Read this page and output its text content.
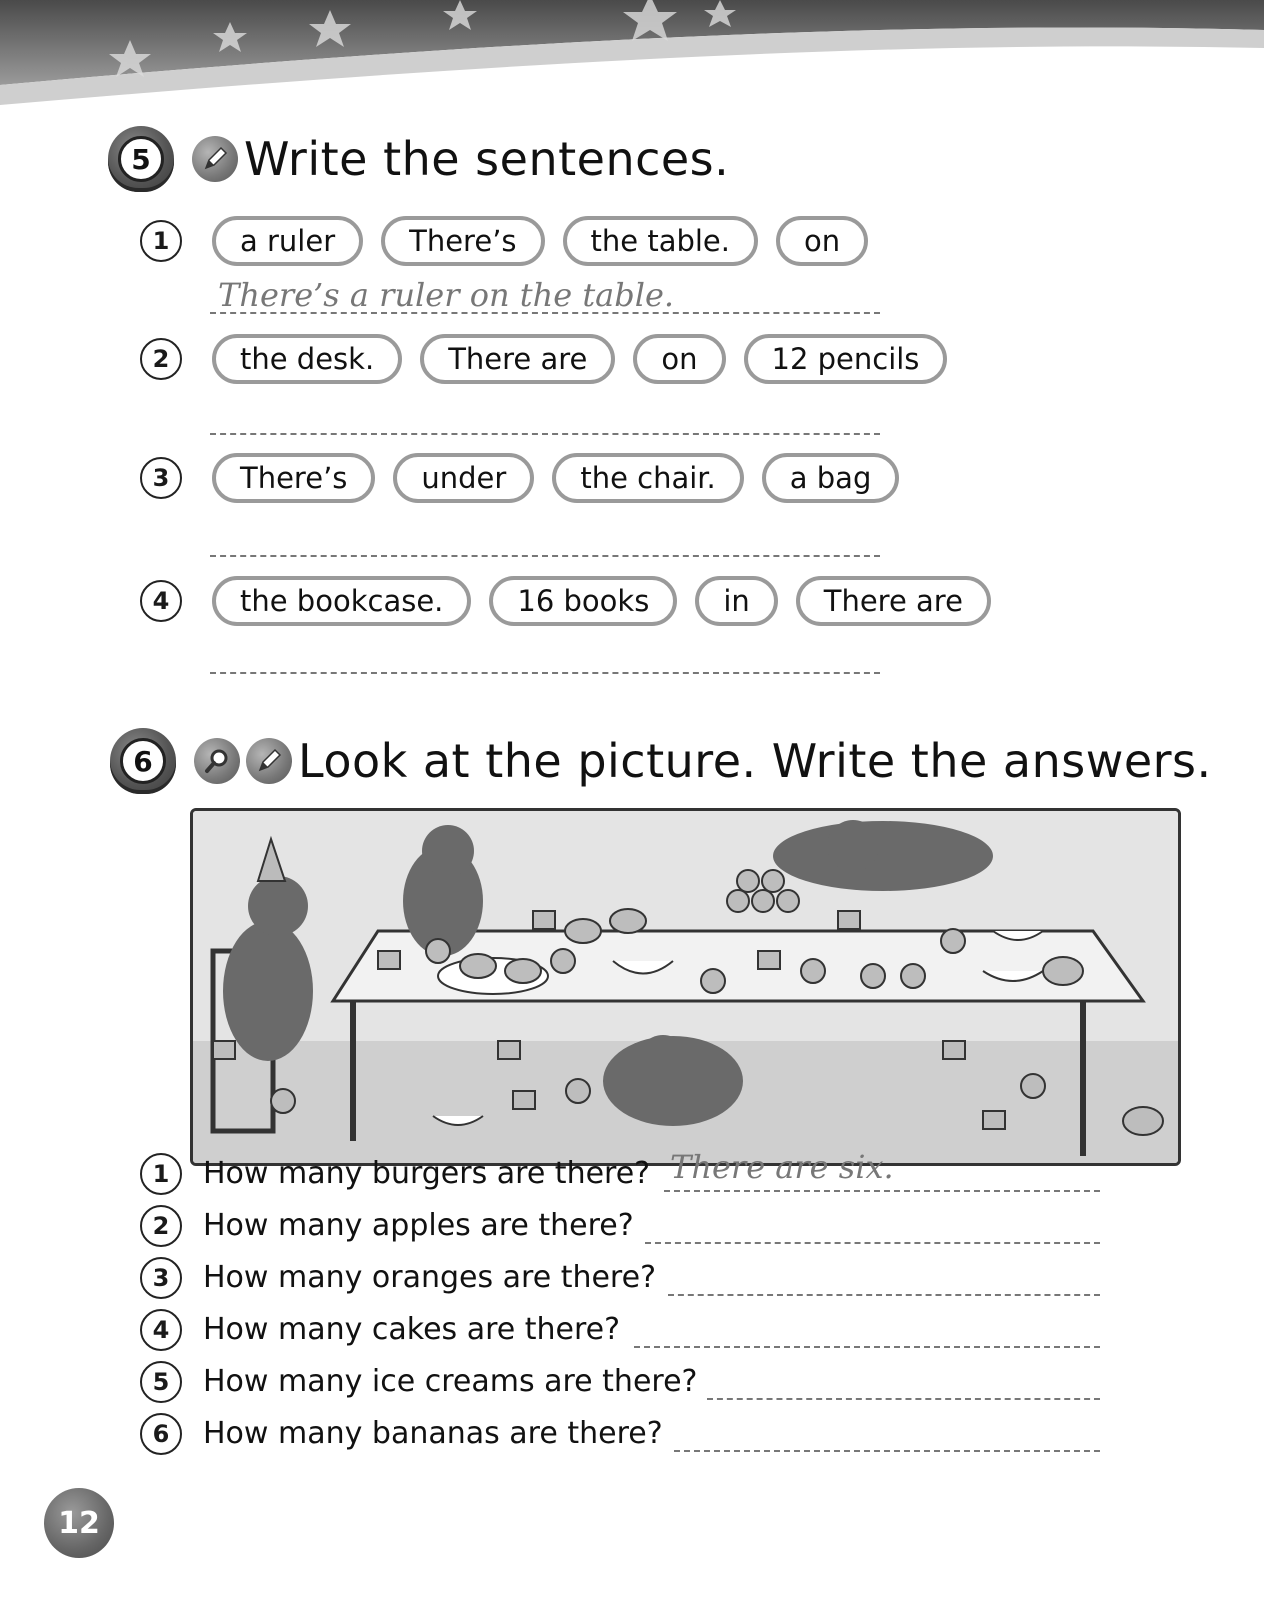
5 Write the sentences.
1	a ruler	There’s	the table.	on
There’s a ruler on the table.
2	the desk.	There are	on	12 pencils
3	There’s	under	the chair.	a bag
4	the bookcase.	16 books	in	There are
6	Look at the picture. Write the answers.
1	How many burgers are there? There are six.
2	How many apples are there?
3	How many oranges are there?
4	How many cakes are there?
5	How many ice creams are there?
6	How many bananas are there?
12
